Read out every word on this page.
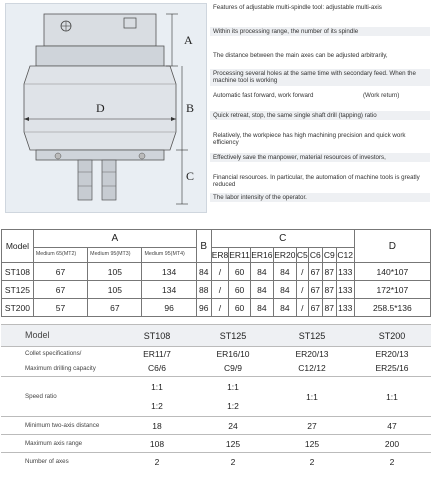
A
B
C
D
Features of adjustable multi-spindle tool: adjustable multi-axis
Within its processing range, the number of its spindle
The distance between the main axes can be adjusted arbitrarily,
Processing several holes at the same time with secondary feed. When the machine tool is working
Automatic fast forward, work forward	(Work return)
Quick retreat, stop, the same single shaft drill (tapping) ratio
Relatively, the workpiece has high machining precision and quick work efficiency
Effectively save the manpower, material resources of investors,
Financial resources. In particular, the automation of machine tools is greatly reduced
The labor intensity of the operator.
Model	A			B	C								D
	Medium 65(MT2)	Medium 95(MT3)	Medium 95(MT4)		ER8	ER11	ER16	ER20	C5	C6	C9	C12	
ST108	67	105	134	84	/	60	84	84	/	67	87	133	140*107
ST125	67	105	134	88	/	60	84	84	/	67	87	133	172*107
ST200	57	67	96	96	/	60	84	84	/	67	87	133	258.5*136
Model	ST108	ST125	ST125	ST200
Collet specifications/	ER11/7	ER16/10	ER20/13	ER20/13
Maximum drilling capacity	C6/6	C9/9	C12/12	ER25/16
Speed ratio	1:1	1:1	1:1	1:1
	1:2	1:2		
Minimum two-axis distance	18	24	27	47
Maximum axis range	108	125	125	200
Number of axes	2	2	2	2
